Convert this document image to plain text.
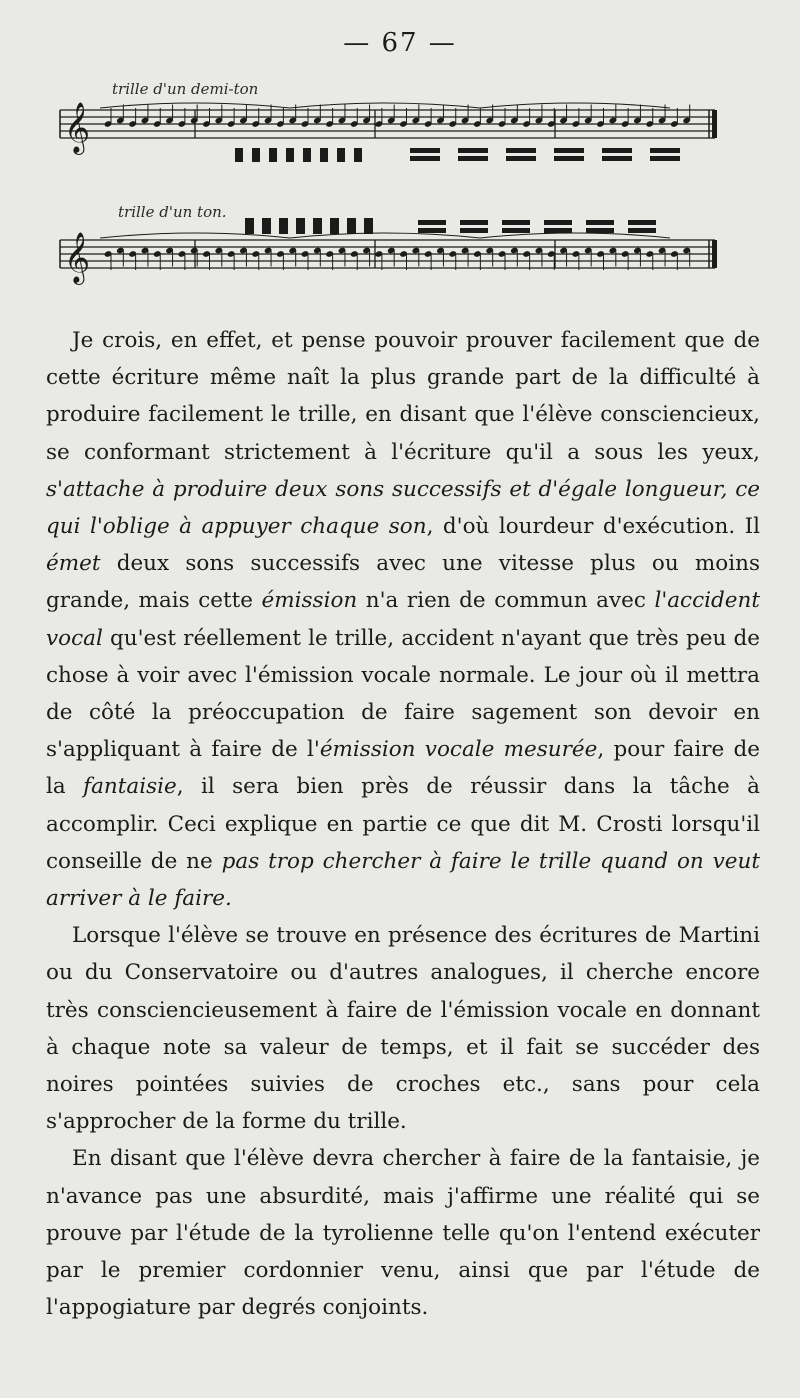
— 67 —
trille d'un demi-ton
𝄞
trille d'un ton.
𝄞

Je crois, en effet, et pense pouvoir prouver facilement que de cette écriture même naît la plus grande part de la difficulté à produire facilement le trille, en disant que l'élève consciencieux, se conformant strictement à l'écriture qu'il a sous les yeux, s'attache à produire deux sons successifs et d'égale longueur, ce qui l'oblige à appuyer chaque son, d'où lourdeur d'exécution. Il émet deux sons successifs avec une vitesse plus ou moins grande, mais cette émission n'a rien de commun avec l'accident vocal qu'est réellement le trille, accident n'ayant que très peu de chose à voir avec l'émission vocale normale. Le jour où il mettra de côté la préoccupation de faire sagement son devoir en s'appliquant à faire de l'émission vocale mesurée, pour faire de la fantaisie, il sera bien près de réussir dans la tâche à accomplir. Ceci explique en partie ce que dit M. Crosti lorsqu'il conseille de ne pas trop chercher à faire le trille quand on veut arriver à le faire.

Lorsque l'élève se trouve en présence des écritures de Martini ou du Conservatoire ou d'autres analogues, il cherche encore très consciencieusement à faire de l'émission vocale en donnant à chaque note sa valeur de temps, et il fait se succéder des noires pointées suivies de croches etc., sans pour cela s'approcher de la forme du trille.

En disant que l'élève devra chercher à faire de la fantaisie, je n'avance pas une absurdité, mais j'affirme une réalité qui se prouve par l'étude de la tyrolienne telle qu'on l'entend exécuter par le premier cordonnier venu, ainsi que par l'étude de l'appogiature par degrés conjoints.
